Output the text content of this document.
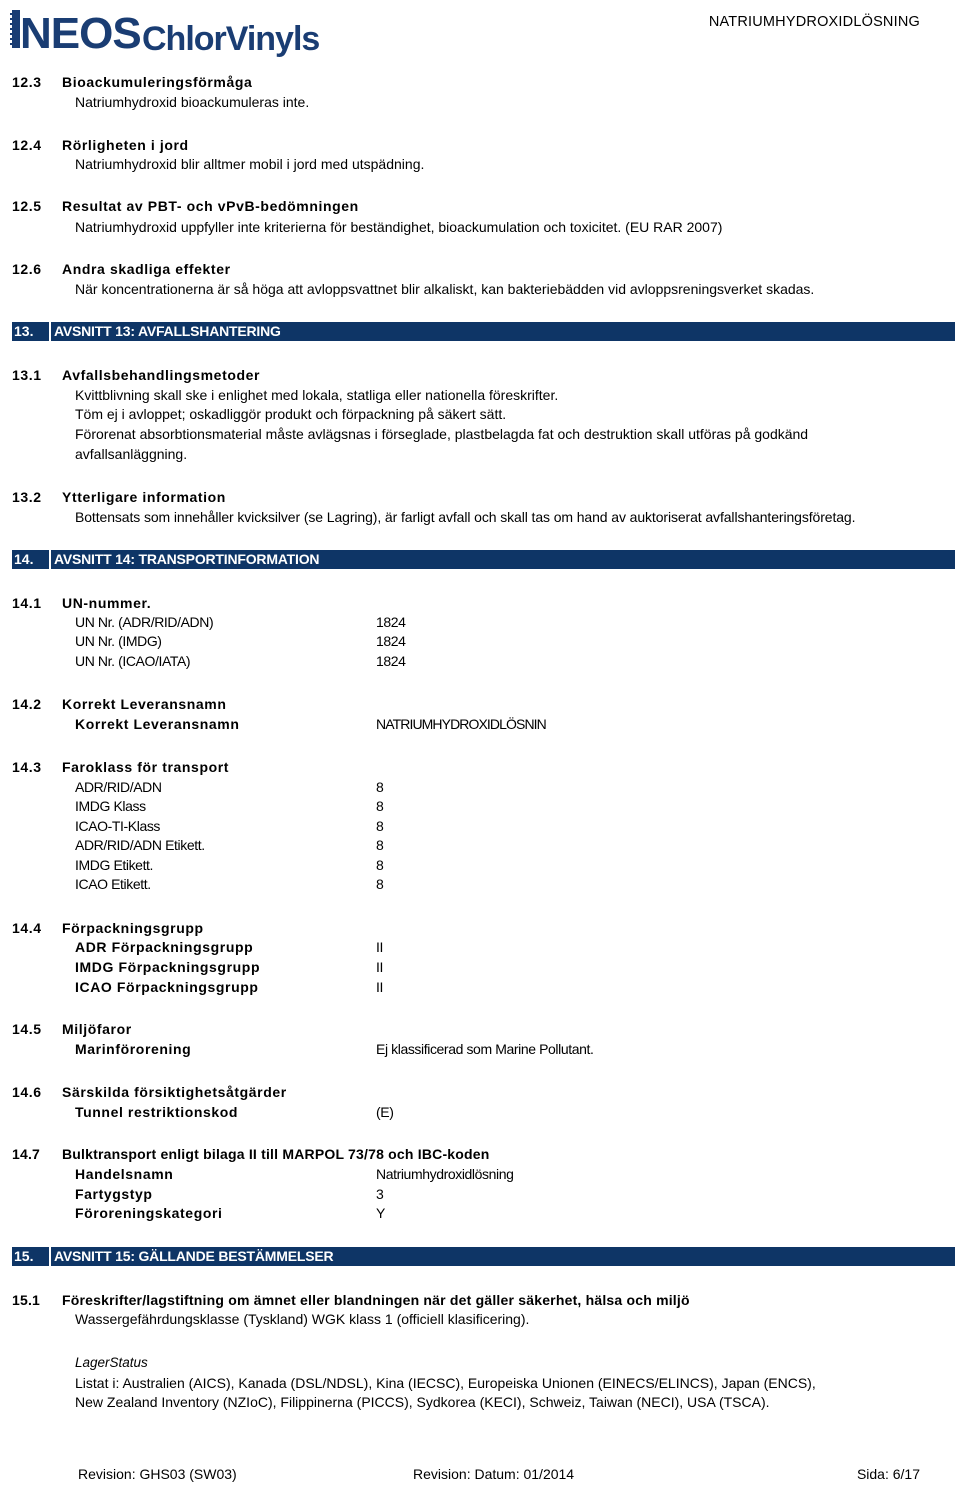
NEOS ChlorVinyls	NATRIUMHYDROXIDLÖSNING
12.3 Bioackumuleringsförmåga
Natriumhydroxid bioackumuleras inte.
12.4 Rörligheten i jord
Natriumhydroxid blir alltmer mobil i jord med utspädning.
12.5 Resultat av PBT- och vPvB-bedömningen
Natriumhydroxid uppfyller inte kriterierna för beständighet, bioackumulation och toxicitet. (EU RAR 2007)
12.6 Andra skadliga effekter
När koncentrationerna är så höga att avloppsvattnet blir alkaliskt, kan bakteriebädden vid avloppsreningsverket skadas.
13.	AVSNITT 13: AVFALLSHANTERING
13.1 Avfallsbehandlingsmetoder
Kvittblivning skall ske i enlighet med lokala, statliga eller nationella föreskrifter.
Töm ej i avloppet; oskadliggör produkt och förpackning på säkert sätt.
Förorenat absorbtionsmaterial måste avlägsnas i förseglade, plastbelagda fat och destruktion skall utföras på godkänd
avfallsanläggning.
13.2 Ytterligare information
Bottensats som innehåller kvicksilver (se Lagring), är farligt avfall och skall tas om hand av auktoriserat avfallshanteringsföretag.
14.	AVSNITT 14: TRANSPORTINFORMATION
14.1 UN-nummer.
UN Nr. (ADR/RID/ADN)	1824
UN Nr. (IMDG)	1824
UN Nr. (ICAO/IATA)	1824
14.2 Korrekt Leveransnamn
Korrekt Leveransnamn	NATRIUMHYDROXIDLÖSNIN
14.3 Faroklass för transport
ADR/RID/ADN	8
IMDG Klass	8
ICAO-TI-Klass	8
ADR/RID/ADN Etikett.	8
IMDG Etikett.	8
ICAO Etikett.	8
14.4 Förpackningsgrupp
ADR Förpackningsgrupp	II
IMDG Förpackningsgrupp	II
ICAO Förpackningsgrupp	II
14.5 Miljöfaror
Marinförorening	Ej klassificerad som Marine Pollutant.
14.6 Särskilda försiktighetsåtgärder
Tunnel restriktionskod	(E)
14.7 Bulktransport enligt bilaga II till MARPOL 73/78 och IBC-koden
Handelsnamn	Natriumhydroxidlösning
Fartygstyp	3
Föroreningskategori	Y
15.	AVSNITT 15: GÄLLANDE BESTÄMMELSER
15.1 Föreskrifter/lagstiftning om ämnet eller blandningen när det gäller säkerhet, hälsa och miljö
Wassergefährdungsklasse (Tyskland) WGK klass 1 (officiell klasificering).
LagerStatus
Listat i: Australien (AICS), Kanada (DSL/NDSL), Kina (IECSC), Europeiska Unionen (EINECS/ELINCS), Japan (ENCS),
New Zealand Inventory (NZIoC), Filippinerna (PICCS), Sydkorea (KECI), Schweiz, Taiwan (NECI), USA (TSCA).
Revision: GHS03 (SW03)	Revision: Datum: 01/2014	Sida: 6/17
